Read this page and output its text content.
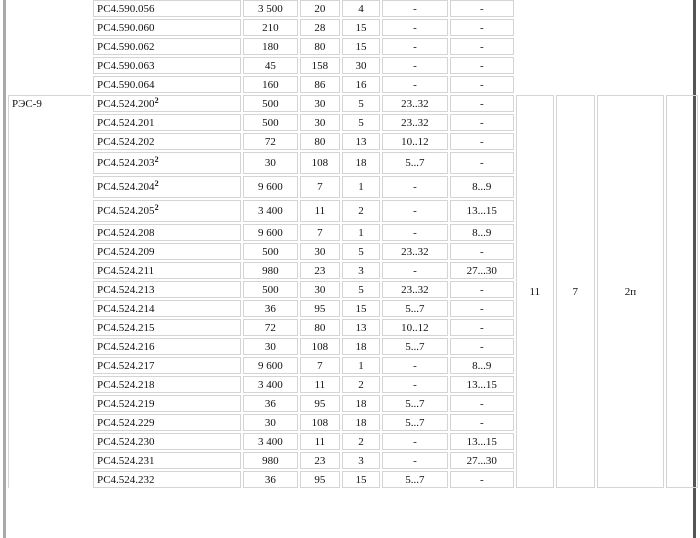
	РС4.590.056	3 500	20	4	-	-				
	РС4.590.060	210	28	15	-	-				
	РС4.590.062	180	80	15	-	-				
	РС4.590.063	45	158	30	-	-				
	РС4.590.064	160	86	16	-	-				
РЭС-9	РС4.524.200$^2$	500	30	5	23..32	-	11	7	2п	
	РС4.524.201	500	30	5	23..32	-				
	РС4.524.202	72	80	13	10..12	-				
	РС4.524.203$^2$	30	108	18	5...7	-				
	РС4.524.204$^2$	9 600	7	1	-	8...9				
	РС4.524.205$^2$	3 400	11	2	-	13...15				
	РС4.524.208	9 600	7	1	-	8...9				
	РС4.524.209	500	30	5	23..32	-				
	РС4.524.211	980	23	3	-	27...30				
	РС4.524.213	500	30	5	23..32	-				
	РС4.524.214	36	95	15	5...7	-				
	РС4.524.215	72	80	13	10..12	-				
	РС4.524.216	30	108	18	5...7	-				
	РС4.524.217	9 600	7	1	-	8...9				
	РС4.524.218	3 400	11	2	-	13...15				
	РС4.524.219	36	95	18	5...7	-				
	РС4.524.229	30	108	18	5...7	-				
	РС4.524.230	3 400	11	2	-	13...15				
	РС4.524.231	980	23	3	-	27...30				
	РС4.524.232	36	95	15	5...7	-				
